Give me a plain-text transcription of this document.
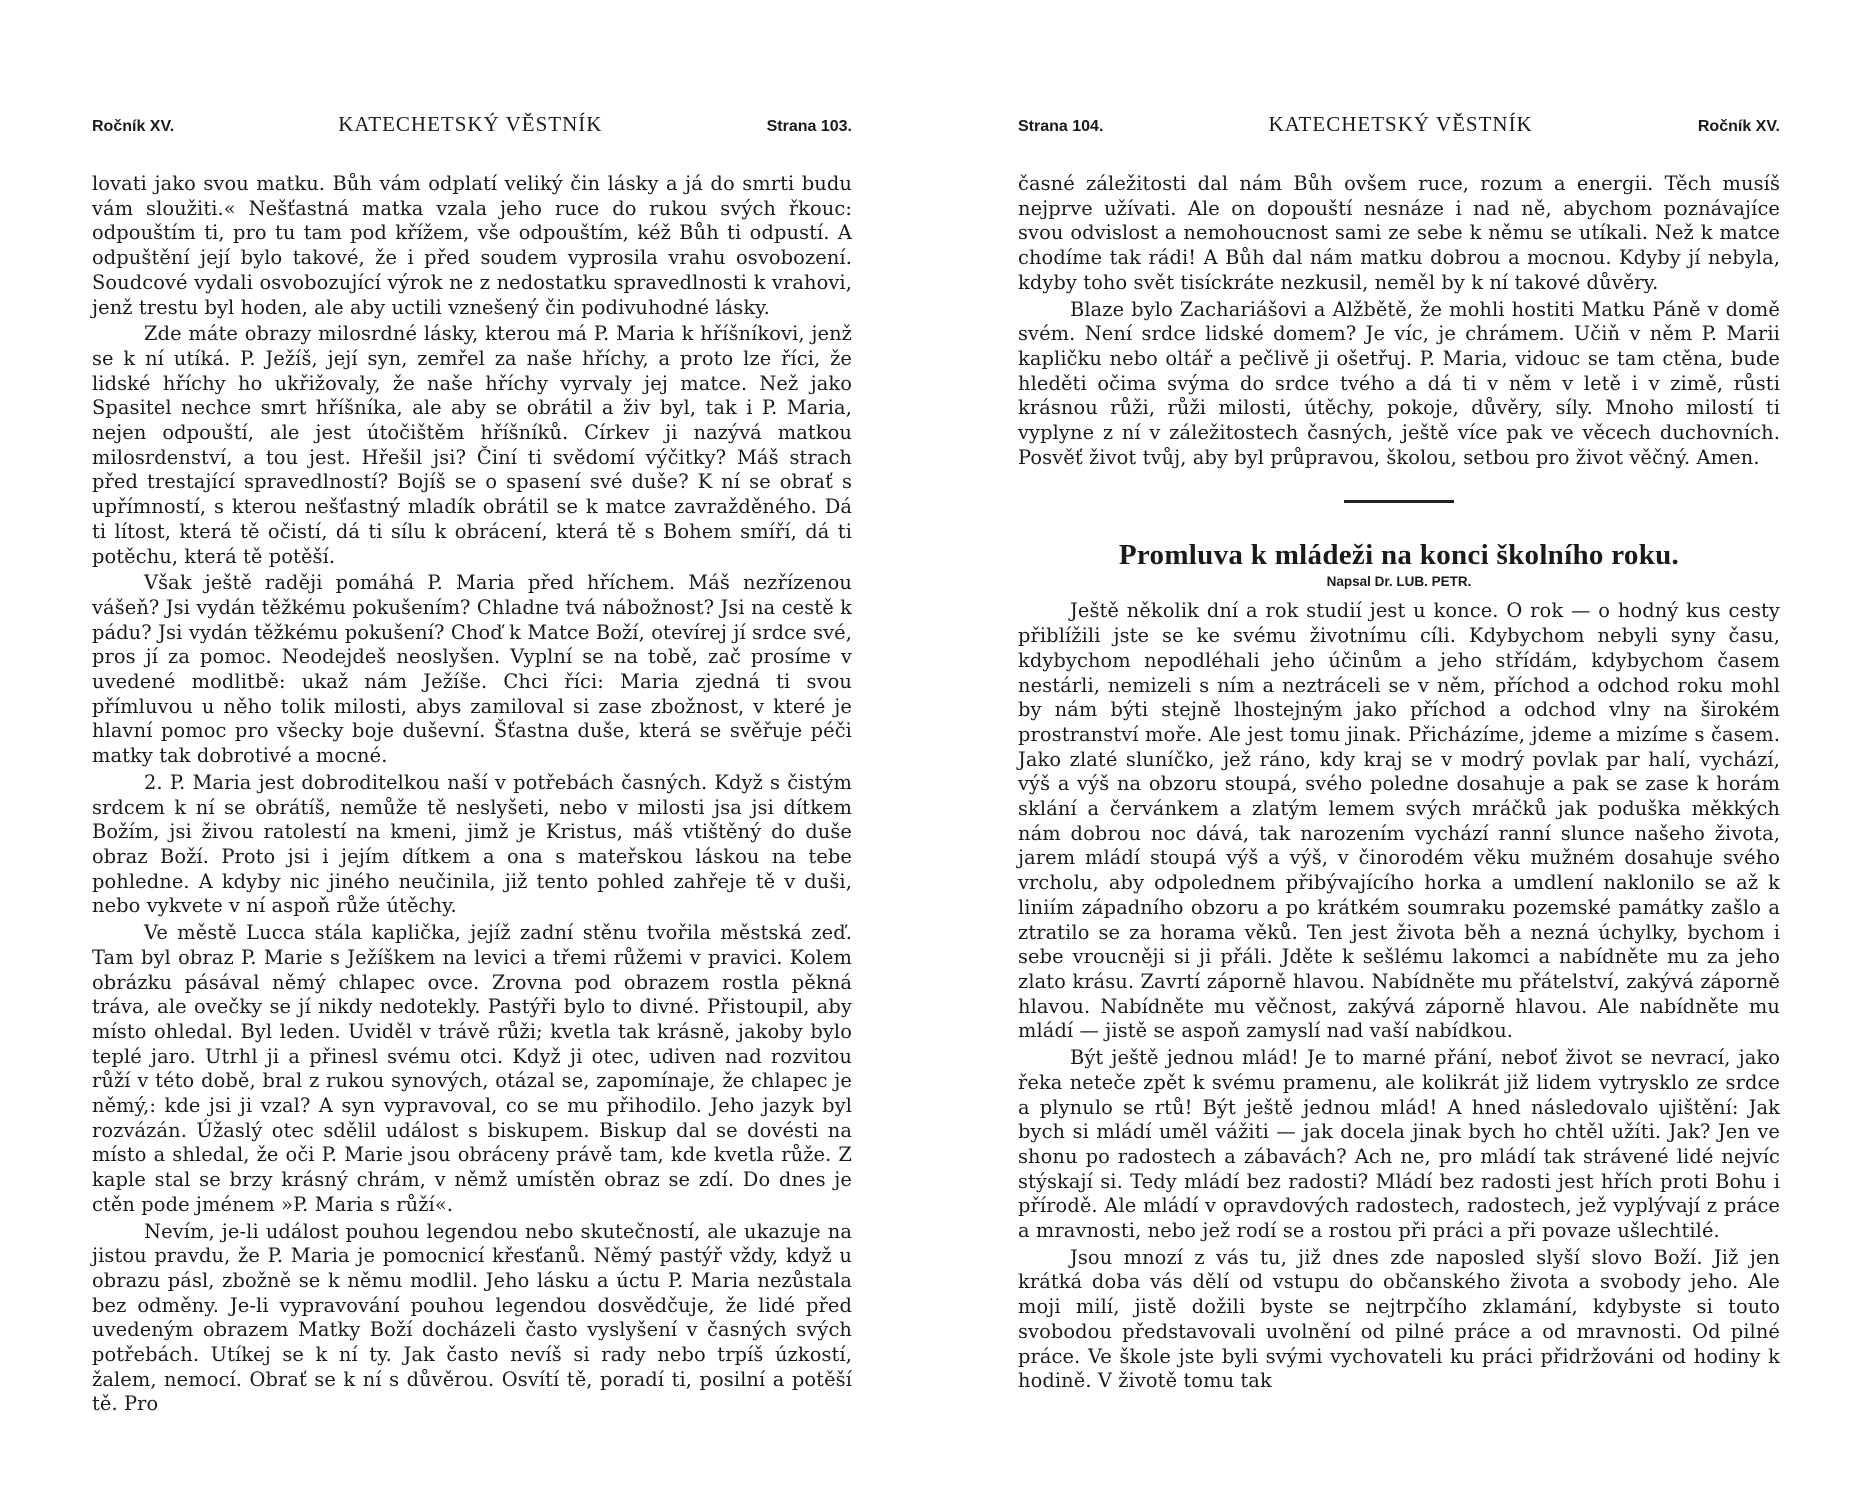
Ročník XV.	KATECHETSKÝ VĚSTNÍK	Strana 103.

lovati jako svou matku. Bůh vám odplatí veliký čin lásky a já do smrti budu vám sloužiti.« Nešťastná matka vzala jeho ruce do rukou svých řkouc: odpouštím ti, pro tu tam pod křížem, vše odpouštím, kéž Bůh ti odpustí. A odpuštění její bylo takové, že i před soudem vyprosila vrahu osvobození. Soudcové vydali osvobozující výrok ne z nedostatku spravedlnosti k vrahovi, jenž trestu byl hoden, ale aby uctili vznešený čin podivuhodné lásky.

Zde máte obrazy milosrdné lásky, kterou má P. Maria k hříšníkovi, jenž se k ní utíká. P. Ježíš, její syn, zemřel za naše hříchy, a proto lze říci, že lidské hříchy ho ukřižovaly, že naše hříchy vyrvaly jej matce. Než jako Spasitel nechce smrt hříšníka, ale aby se obrátil a živ byl, tak i P. Maria, nejen odpouští, ale jest útočištěm hříšníků. Církev ji nazývá matkou milosrdenství, a tou jest. Hřešil jsi? Činí ti svědomí výčitky? Máš strach před trestající spravedlností? Bojíš se o spasení své duše? K ní se obrať s upřímností, s kterou nešťastný mladík obrátil se k matce zavražděného. Dá ti lítost, která tě očistí, dá ti sílu k obrácení, která tě s Bohem smíří, dá ti potěchu, která tě potěší.

Však ještě raději pomáhá P. Maria před hříchem. Máš nezřízenou vášeň? Jsi vydán těžkému pokušením? Chladne tvá nábožnost? Jsi na cestě k pádu? Jsi vydán těžkému pokušení? Choď k Matce Boží, otevírej jí srdce své, pros jí za pomoc. Neodejdeš neoslyšen. Vyplní se na tobě, zač prosíme v uvedené modlitbě: ukaž nám Ježíše. Chci říci: Maria zjedná ti svou přímluvou u něho tolik milosti, abys zamiloval si zase zbožnost, v které je hlavní pomoc pro všecky boje duševní. Šťastna duše, která se svěřuje péči matky tak dobrotivé a mocné.

2. P. Maria jest dobroditelkou naší v potřebách časných. Když s čistým srdcem k ní se obrátíš, nemůže tě neslyšeti, nebo v milosti jsa jsi dítkem Božím, jsi živou ratolestí na kmeni, jimž je Kristus, máš vtištěný do duše obraz Boží. Proto jsi i jejím dítkem a ona s mateřskou láskou na tebe pohledne. A kdyby nic jiného neučinila, již tento pohled zahřeje tě v duši, nebo vykvete v ní aspoň růže útěchy.

Ve městě Lucca stála kaplička, jejíž zadní stěnu tvořila městská zeď. Tam byl obraz P. Marie s Ježíškem na levici a třemi růžemi v pravici. Kolem obrázku pásával němý chlapec ovce. Zrovna pod obrazem rostla pěkná tráva, ale ovečky se jí nikdy nedotekly. Pastýři bylo to divné. Přistoupil, aby místo ohledal. Byl leden. Uviděl v trávě růži; kvetla tak krásně, jakoby bylo teplé jaro. Utrhl ji a přinesl svému otci. Když ji otec, udiven nad rozvitou růží v této době, bral z rukou synových, otázal se, zapomínaje, že chlapec je němý,: kde jsi ji vzal? A syn vypravoval, co se mu přihodilo. Jeho jazyk byl rozvázán. Úžaslý otec sdělil událost s biskupem. Biskup dal se dovésti na místo a shledal, že oči P. Marie jsou obráceny právě tam, kde kvetla růže. Z kaple stal se brzy krásný chrám, v němž umístěn obraz se zdí. Do dnes je ctěn pode jménem »P. Maria s růží«.

Nevím, je-li událost pouhou legendou nebo skutečností, ale ukazuje na jistou pravdu, že P. Maria je pomocnicí křesťanů. Němý pastýř vždy, když u obrazu pásl, zbožně se k němu modlil. Jeho lásku a úctu P. Maria nezůstala bez odměny. Je-li vypravování pouhou legendou dosvědčuje, že lidé před uvedeným obrazem Matky Boží docházeli často vyslyšení v časných svých potřebách. Utíkej se k ní ty. Jak často nevíš si rady nebo trpíš úzkostí, žalem, nemocí. Obrať se k ní s důvěrou. Osvítí tě, poradí ti, posilní a potěší tě. Pro

Strana 104.	KATECHETSKÝ VĚSTNÍK	Ročník XV.

časné záležitosti dal nám Bůh ovšem ruce, rozum a energii. Těch musíš nejprve užívati. Ale on dopouští nesnáze i nad ně, abychom poznávajíce svou odvislost a nemohoucnost sami ze sebe k němu se utíkali. Než k matce chodíme tak rádi! A Bůh dal nám matku dobrou a mocnou. Kdyby jí nebyla, kdyby toho svět tisíckráte nezkusil, neměl by k ní takové důvěry.

Blaze bylo Zachariášovi a Alžbětě, že mohli hostiti Matku Páně v domě svém. Není srdce lidské domem? Je víc, je chrámem. Učiň v něm P. Marii kapličku nebo oltář a pečlivě ji ošetřuj. P. Maria, vidouc se tam ctěna, bude hleděti očima svýma do srdce tvého a dá ti v něm v letě i v zimě, růsti krásnou růži, růži milosti, útěchy, pokoje, důvěry, síly. Mnoho milostí ti vyplyne z ní v záležitostech časných, ještě více pak ve věcech duchovních. Posvěť život tvůj, aby byl průpravou, školou, setbou pro život věčný. Amen.

Promluva k mládeži na konci školního roku.
Napsal Dr. LUB. PETR.

Ještě několik dní a rok studií jest u konce. O rok — o hodný kus cesty přiblížili jste se ke svému životnímu cíli. Kdybychom nebyli syny času, kdybychom nepodléhali jeho účinům a jeho střídám, kdybychom časem nestárli, nemizeli s ním a neztráceli se v něm, příchod a odchod roku mohl by nám býti stejně lhostejným jako příchod a odchod vlny na širokém prostranství moře. Ale jest tomu jinak. Přicházíme, jdeme a mizíme s časem. Jako zlaté sluníčko, jež ráno, kdy kraj se v modrý povlak par halí, vychází, výš a výš na obzoru stoupá, svého poledne dosahuje a pak se zase k horám sklání a červánkem a zlatým lemem svých mráčků jak poduška měkkých nám dobrou noc dává, tak narozením vychází ranní slunce našeho života, jarem mládí stoupá výš a výš, v činorodém věku mužném dosahuje svého vrcholu, aby odpolednem přibývajícího horka a umdlení naklonilo se až k liniím západního obzoru a po krátkém soumraku pozemské památky zašlo a ztratilo se za horama věků. Ten jest života běh a nezná úchylky, bychom i sebe vroucněji si ji přáli. Jděte k sešlému lakomci a nabídněte mu za jeho zlato krásu. Zavrtí záporně hlavou. Nabídněte mu přátelství, zakývá záporně hlavou. Nabídněte mu věčnost, zakývá záporně hlavou. Ale nabídněte mu mládí — jistě se aspoň zamyslí nad vaší nabídkou.

Být ještě jednou mlád! Je to marné přání, neboť život se nevrací, jako řeka neteče zpět k svému pramenu, ale kolikrát již lidem vytrysklo ze srdce a plynulo se rtů! Být ještě jednou mlád! A hned následovalo ujištění: Jak bych si mládí uměl vážiti — jak docela jinak bych ho chtěl užíti. Jak? Jen ve shonu po radostech a zábavách? Ach ne, pro mládí tak strávené lidé nejvíc stýskají si. Tedy mládí bez radosti? Mládí bez radosti jest hřích proti Bohu i přírodě. Ale mládí v opravdových radostech, radostech, jež vyplývají z práce a mravnosti, nebo jež rodí se a rostou při práci a při povaze ušlechtilé.

Jsou mnozí z vás tu, již dnes zde naposled slyší slovo Boží. Již jen krátká doba vás dělí od vstupu do občanského života a svobody jeho. Ale moji milí, jistě dožili byste se nejtrpčího zklamání, kdybyste si touto svobodou představovali uvolnění od pilné práce a od mravnosti. Od pilné práce. Ve škole jste byli svými vychovateli ku práci přidržováni od hodiny k hodině. V životě tomu tak
